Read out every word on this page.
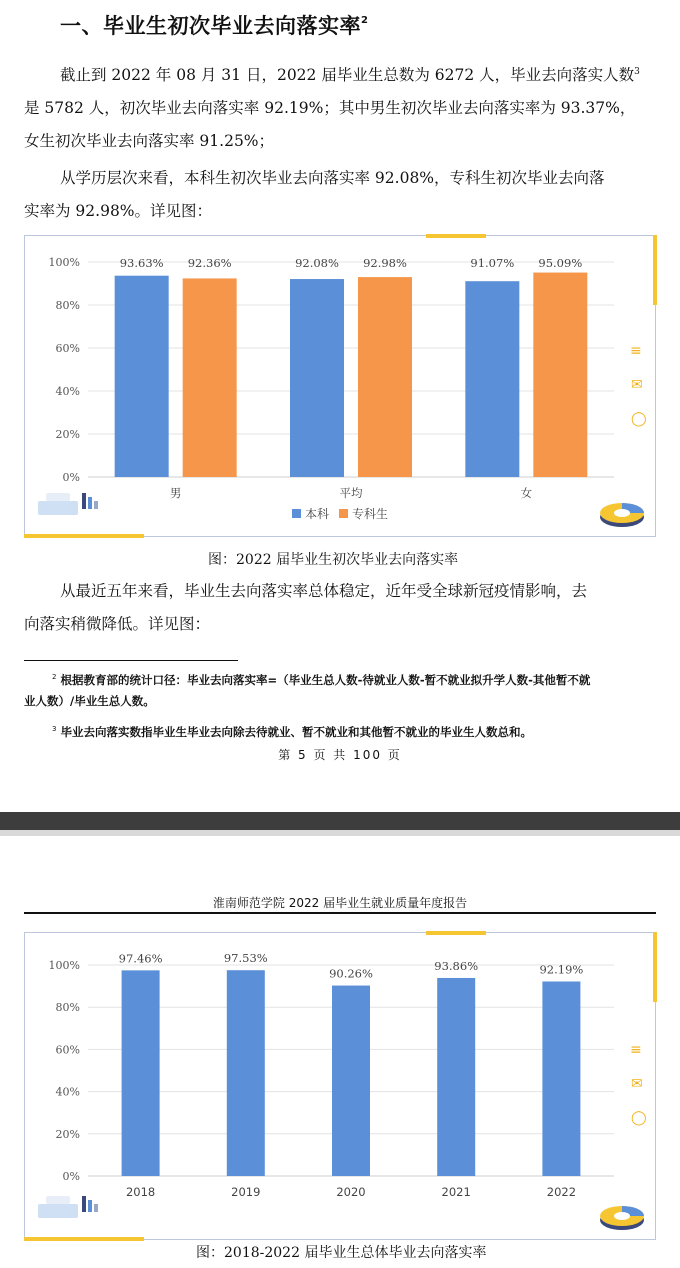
一、毕业生初次毕业去向落实率$^2$
截止到 2022 年 08 月 31 日，2022 届毕业生总数为 6272 人，毕业去向落实人数$^3$
是 5782 人，初次毕业去向落实率 92.19%；其中男生初次毕业去向落实率为 93.37%，
女生初次毕业去向落实率 91.25%；
从学历层次来看，本科生初次毕业去向落实率 92.08%，专科生初次毕业去向落
实率为 92.98%。详见图：
0%
20%
40%
60%
80%
100%	93.63% 92.36%
男
92.08% 92.98%
平均
91.07% 95.09%
女
本科 专科生
≡
✉
◯
图：2022 届毕业生初次毕业去向落实率
从最近五年来看，毕业生去向落实率总体稳定，近年受全球新冠疫情影响，去
向落实稍微降低。详见图：
$^2$ 根据教育部的统计口径：毕业去向落实率=（毕业生总人数-待就业人数-暂不就业拟升学人数-其他暂不就
业人数）/毕业生总人数。
$^3$ 毕业去向落实数指毕业生毕业去向除去待就业、暂不就业和其他暂不就业的毕业生人数总和。
第 5 页 共 100 页
淮南师范学院 2022 届毕业生就业质量年度报告
0%
20%
40%
60%
80%
100%
97.46%
2018
97.53%
2019
90.26%
2020
93.86%
2021
92.19%
2022
≡
✉
◯
图：2018-2022 届毕业生总体毕业去向落实率
